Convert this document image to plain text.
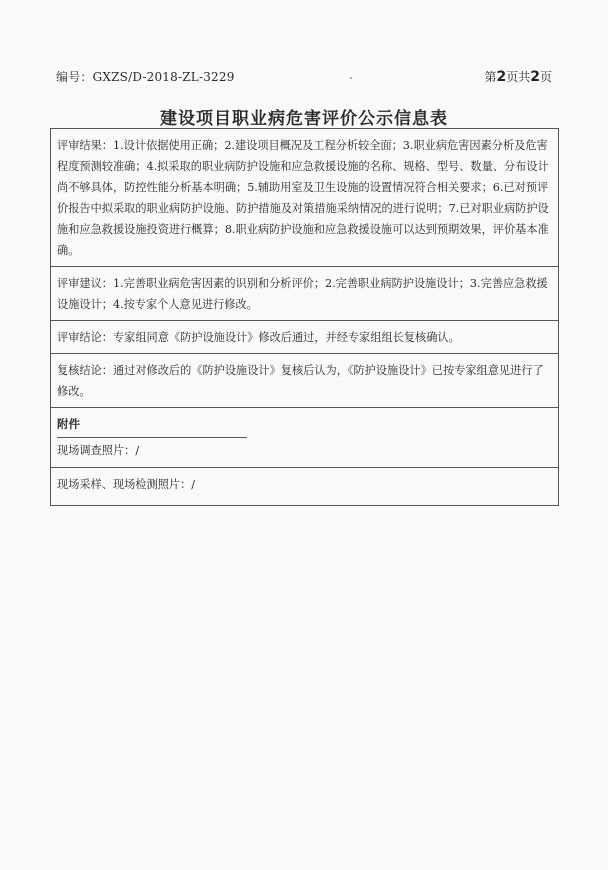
编号：GXZS/D-2018-ZL-3229	第2页共2页
建设项目职业病危害评价公示信息表
评审结果：1.设计依据使用正确；2.建设项目概况及工程分析较全面；3.职业病危害因素分析及危害程度预测较准确；4.拟采取的职业病防护设施和应急救援设施的名称、规格、型号、数量、分布设计尚不够具体，防控性能分析基本明确；5.辅助用室及卫生设施的设置情况符合相关要求；6.已对预评价报告中拟采取的职业病防护设施、防护措施及对策措施采纳情况的进行说明；7.已对职业病防护设施和应急救援设施投资进行概算；8.职业病防护设施和应急救援设施可以达到预期效果，评价基本准确。
评审建议：1.完善职业病危害因素的识别和分析评价；2.完善职业病防护设施设计；3.完善应急救援设施设计；4.按专家个人意见进行修改。
评审结论：专家组同意《防护设施设计》修改后通过，并经专家组组长复核确认。
复核结论：通过对修改后的《防护设施设计》复核后认为，《防护设施设计》已按专家组意见进行了修改。
附件

现场调查照片：/

现场采样、现场检测照片：/
